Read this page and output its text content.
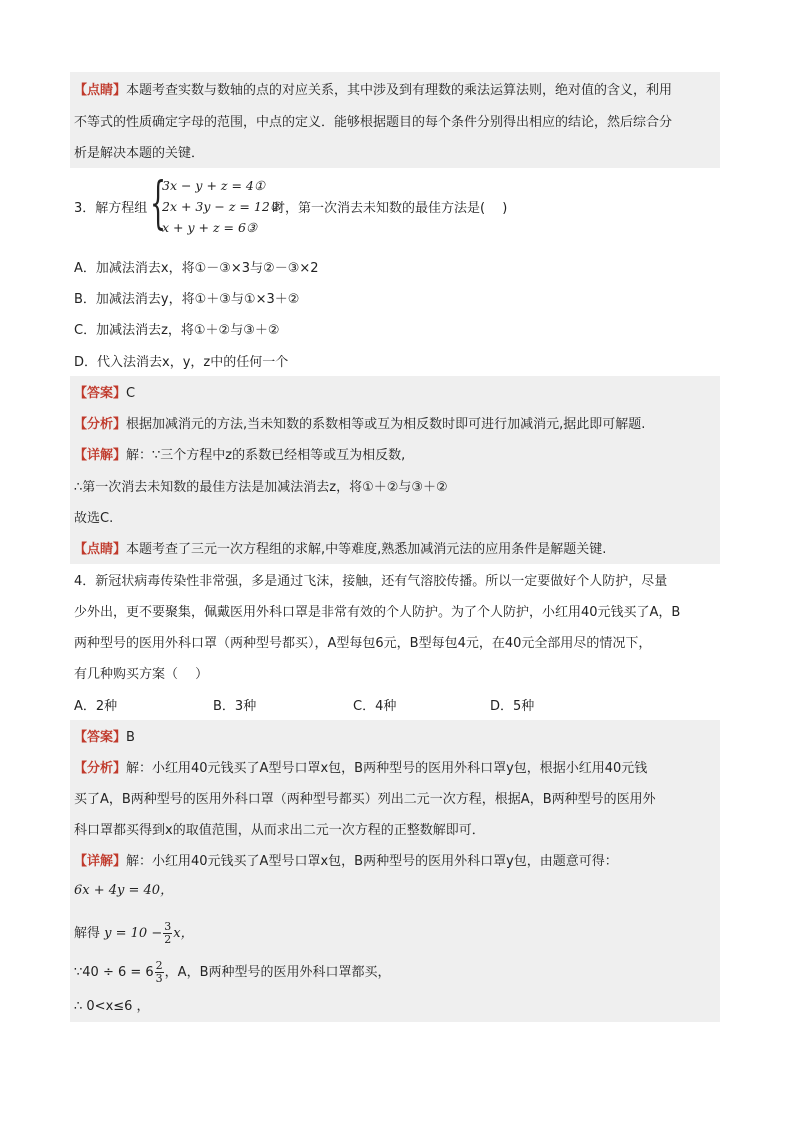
【点睛】本题考查实数与数轴的点的对应关系，其中涉及到有理数的乘法运算法则，绝对值的含义，利用
不等式的性质确定字母的范围，中点的定义．能够根据题目的每个条件分别得出相应的结论，然后综合分
析是解决本题的关键．
3．解方程组 {
3x − y + z = 4①
2x + 3y − z = 12②
x + y + z = 6③
时，第一次消去未知数的最佳方法是(　 )
A．加减法消去x，将①－③×3与②－③×2
B．加减法消去y，将①＋③与①×3＋②
C．加减法消去z，将①＋②与③＋②
D．代入法消去x，y，z中的任何一个
【答案】C
【分析】根据加减消元的方法,当未知数的系数相等或互为相反数时即可进行加减消元,据此即可解题.
【详解】解：∵三个方程中z的系数已经相等或互为相反数,
∴第一次消去未知数的最佳方法是加减法消去z，将①＋②与③＋②
故选C.
【点睛】本题考查了三元一次方程组的求解,中等难度,熟悉加减消元法的应用条件是解题关键.
4．新冠状病毒传染性非常强，多是通过飞沫，接触，还有气溶胶传播。所以一定要做好个人防护，尽量
少外出，更不要聚集，佩戴医用外科口罩是非常有效的个人防护。为了个人防护，小红用40元钱买了A，B
两种型号的医用外科口罩（两种型号都买），A型每包6元，B型每包4元，在40元全部用尽的情况下，
有几种购买方案（　 ）
A．2种	B．3种	C．4种	D．5种
【答案】B
【分析】解：小红用40元钱买了A型号口罩x包，B两种型号的医用外科口罩y包，根据小红用40元钱
买了A，B两种型号的医用外科口罩（两种型号都买）列出二元一次方程，根据A，B两种型号的医用外
科口罩都买得到x的取值范围，从而求出二元一次方程的正整数解即可．
【详解】解：小红用40元钱买了A型号口罩x包，B两种型号的医用外科口罩y包，由题意可得：
6x + 4y = 40，
解得 $y = 10 - \frac{3}{2}$ x，
∵40 ÷ $6 = 6 \frac{2}{3}$ ，A，B两种型号的医用外科口罩都买，
∴ 0<x≤6 ，
